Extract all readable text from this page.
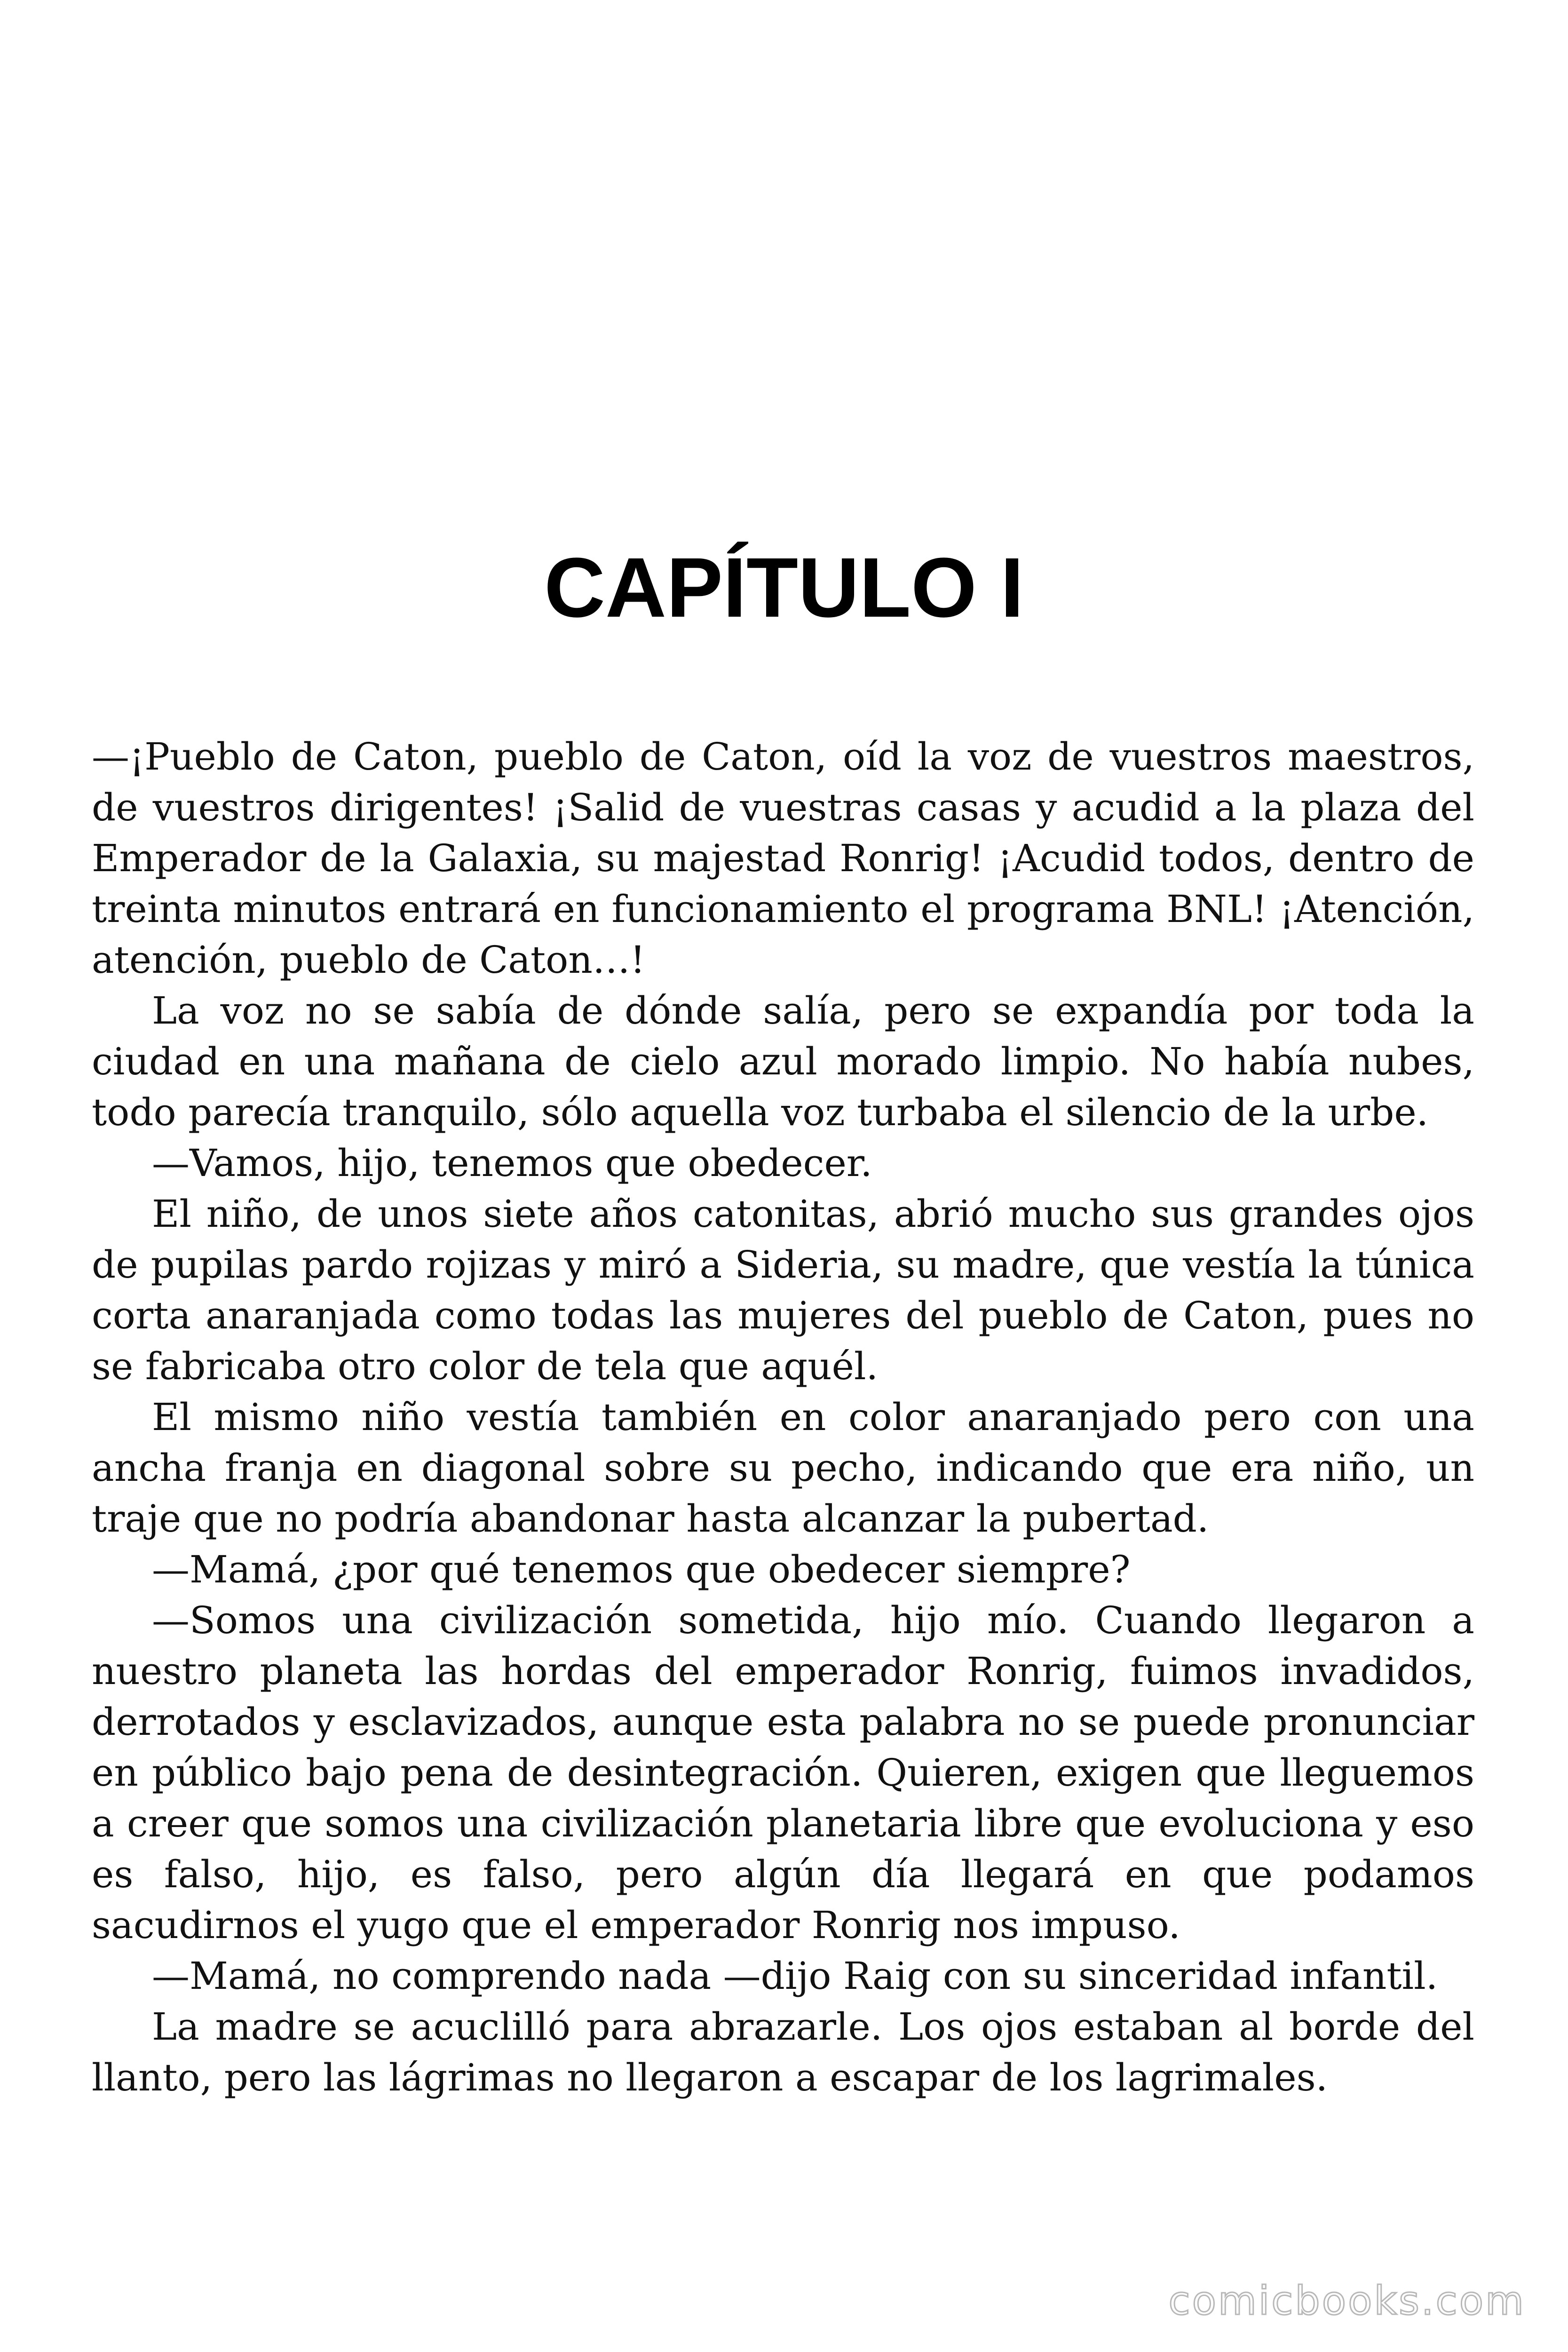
CAPÍTULO I

—¡Pueblo de Caton, pueblo de Caton, oíd la voz de vuestros maestros, de vuestros dirigentes! ¡Salid de vuestras casas y acudid a la plaza del Emperador de la Galaxia, su majestad Ronrig! ¡Acudid todos, dentro de treinta minutos entrará en funcionamiento el programa BNL! ¡Atención, atención, pueblo de Caton…!

La voz no se sabía de dónde salía, pero se expandía por toda la ciudad en una mañana de cielo azul morado limpio. No había nubes, todo parecía tranquilo, sólo aquella voz turbaba el silencio de la urbe.

—Vamos, hijo, tenemos que obedecer.

El niño, de unos siete años catonitas, abrió mucho sus grandes ojos de pupilas pardo rojizas y miró a Sideria, su madre, que vestía la túnica corta anaranjada como todas las mujeres del pueblo de Caton, pues no se fabricaba otro color de tela que aquél.

El mismo niño vestía también en color anaranjado pero con una ancha franja en diagonal sobre su pecho, indicando que era niño, un traje que no podría abandonar hasta alcanzar la pubertad.

—Mamá, ¿por qué tenemos que obedecer siempre?

—Somos una civilización sometida, hijo mío. Cuando llegaron a nuestro planeta las hordas del emperador Ronrig, fuimos invadidos, derrotados y esclavizados, aunque esta palabra no se puede pronunciar en público bajo pena de desintegración. Quieren, exigen que lleguemos a creer que somos una civilización planetaria libre que evoluciona y eso es falso, hijo, es falso, pero algún día llegará en que podamos sacudirnos el yugo que el emperador Ronrig nos impuso.

—Mamá, no comprendo nada —dijo Raig con su sinceridad infantil.

La madre se acuclilló para abrazarle. Los ojos estaban al borde del llanto, pero las lágrimas no llegaron a escapar de los lagrimales.

comicbooks.com
